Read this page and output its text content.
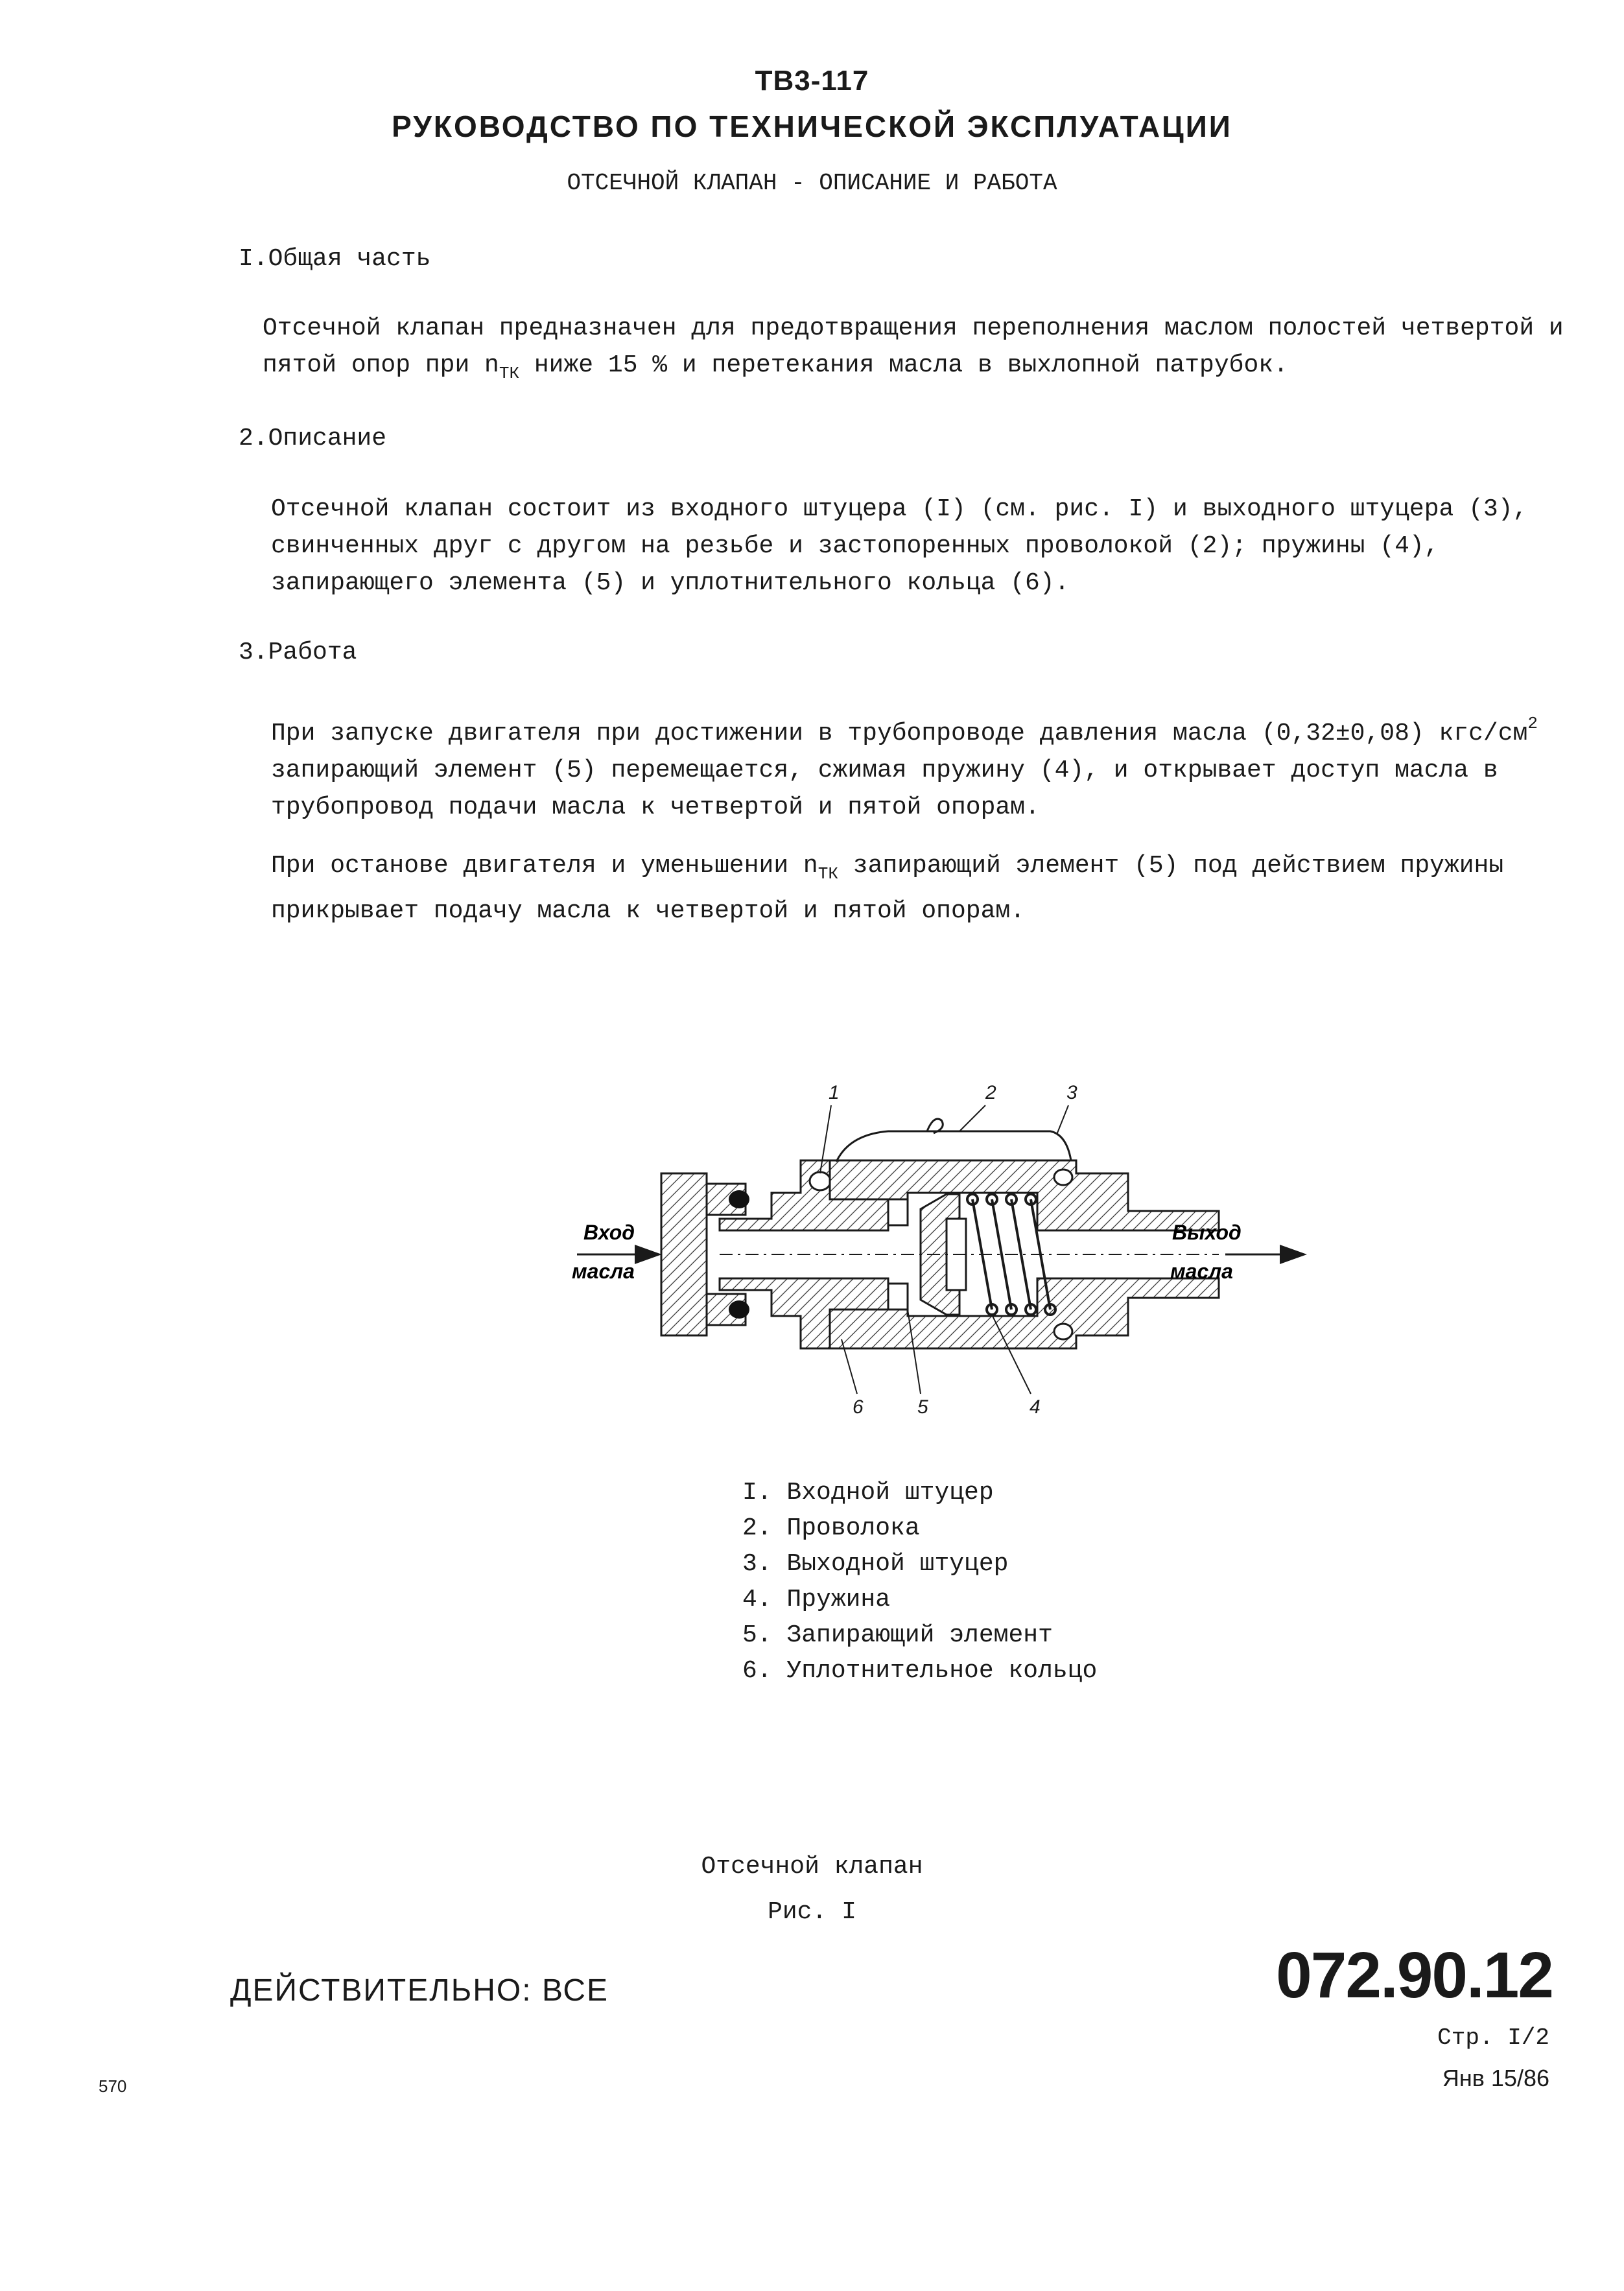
ТВ3-117
РУКОВОДСТВО ПО ТЕХНИЧЕСКОЙ ЭКСПЛУАТАЦИИ
ОТСЕЧНОЙ КЛАПАН - ОПИСАНИЕ И РАБОТА
I.Общая часть
Отсечной клапан предназначен для предотвращения переполнения маслом полостей четвертой и пятой опор при $n_{ТК}$ ниже 15 % и перетекания масла в выхлопной патрубок.
2.Описание
Отсечной клапан состоит из входного штуцера (I) (см. рис. I) и выходного штуцера (3), свинченных друг с другом на резьбе и застопоренных проволокой (2); пружины (4), запирающего элемента (5) и уплотнительного кольца (6).
3.Работа
При запуске двигателя при достижении в трубопроводе давления масла (0,32±0,08) кгс/$см^2$ запирающий элемент (5) перемещается, сжимая пружину (4), и открывает доступ масла в трубопровод подачи масла к четвертой и пятой опорам.
При останове двигателя и уменьшении $n_{ТК}$ запирающий элемент (5) под действием пружины прикрывает подачу масла к четвертой и пятой опорам.
Вход
масла
Выход
масла
1	2	3
4
5
6
I. Входной штуцер
2. Проволока
3. Выходной штуцер
4. Пружина
5. Запирающий элемент
6. Уплотнительное кольцо
Отсечной клапан
Рис. I
ДЕЙСТВИТЕЛЬНО: ВСЕ	072.90.12
Стр. I/2
Янв 15/86
570
